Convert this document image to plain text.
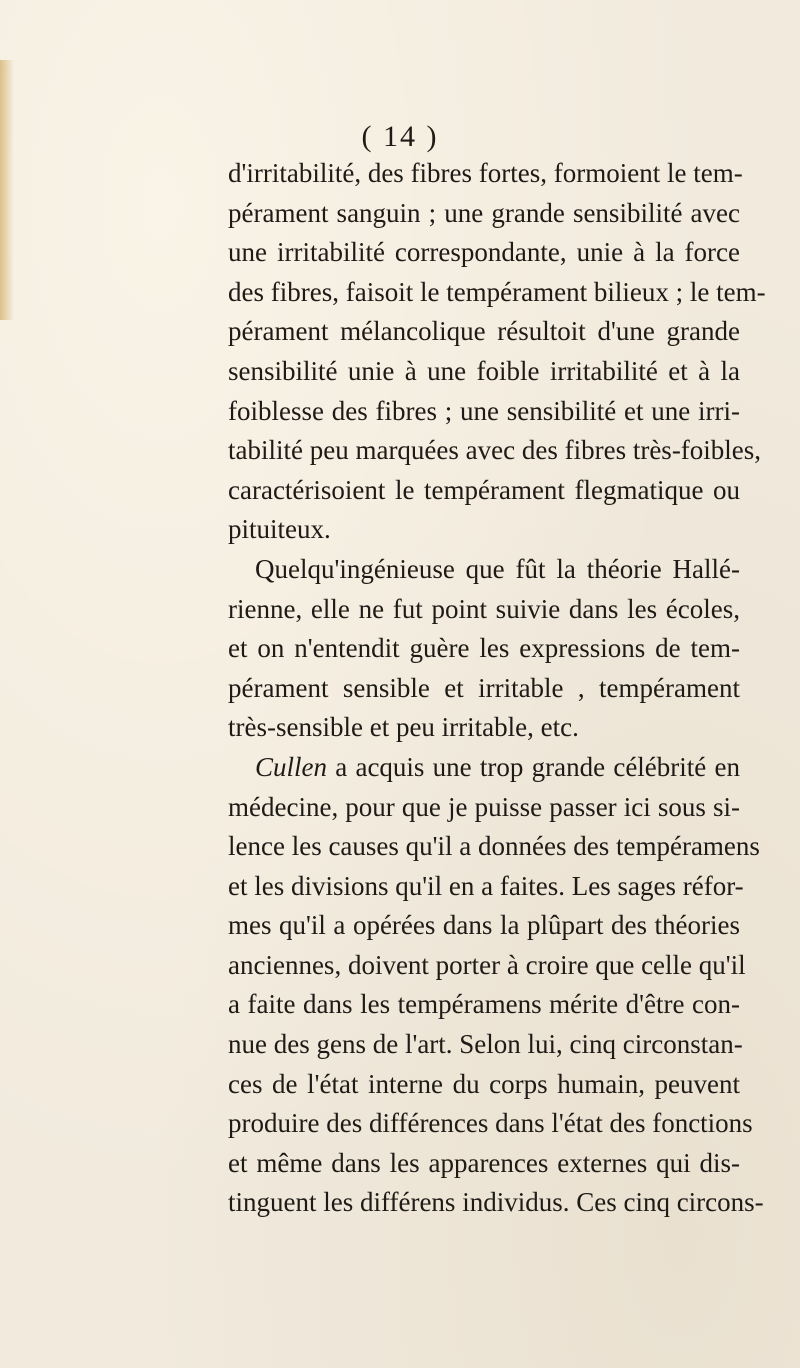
( 14 )
d'irritabilité, des fibres fortes, formoient le tem-
pérament sanguin ; une grande sensibilité avec
une irritabilité correspondante, unie à la force
des fibres, faisoit le tempérament bilieux ; le tem-
pérament mélancolique résultoit d'une grande
sensibilité unie à une foible irritabilité et à la
foiblesse des fibres ; une sensibilité et une irri-
tabilité peu marquées avec des fibres très-foibles,
caractérisoient le tempérament flegmatique ou
pituiteux.
Quelqu'ingénieuse que fût la théorie Hallé-
rienne, elle ne fut point suivie dans les écoles,
et on n'entendit guère les expressions de tem-
pérament sensible et irritable , tempérament
très-sensible et peu irritable, etc.
Cullen a acquis une trop grande célébrité en
médecine, pour que je puisse passer ici sous si-
lence les causes qu'il a données des tempéramens
et les divisions qu'il en a faites. Les sages réfor-
mes qu'il a opérées dans la plûpart des théories
anciennes, doivent porter à croire que celle qu'il
a faite dans les tempéramens mérite d'être con-
nue des gens de l'art. Selon lui, cinq circonstan-
ces de l'état interne du corps humain, peuvent
produire des différences dans l'état des fonctions
et même dans les apparences externes qui dis-
tinguent les différens individus. Ces cinq circons-
